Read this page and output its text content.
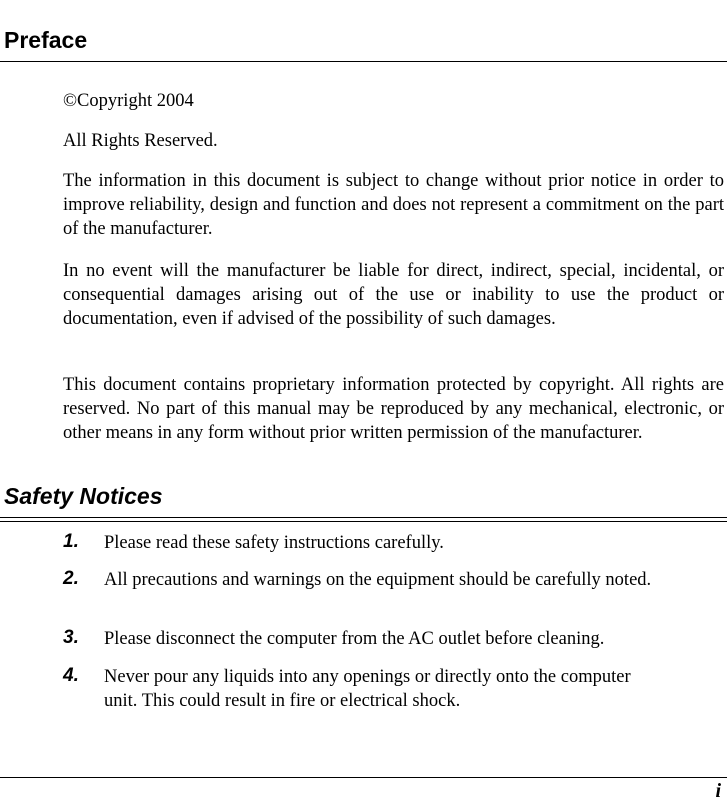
Preface

©Copyright 2004

All Rights Reserved.

The information in this document is subject to change without prior notice in order to improve reliability, design and function and does not represent a commitment on the part of the manufacturer.

In no event will the manufacturer be liable for direct, indirect, special, incidental, or consequential damages arising out of the use or inability to use the product or documentation, even if advised of the possibility of such damages.

This document contains proprietary information protected by copyright. All rights are reserved. No part of this manual may be reproduced by any mechanical, electronic, or other means in any form without prior written permission of the manufacturer.

Safety Notices
1. Please read these safety instructions carefully.
2. All precautions and warnings on the equipment should be carefully noted.
3. Please disconnect the computer from the AC outlet before cleaning.
4. Never pour any liquids into any openings or directly onto the computer unit. This could result in fire or electrical shock.
i
